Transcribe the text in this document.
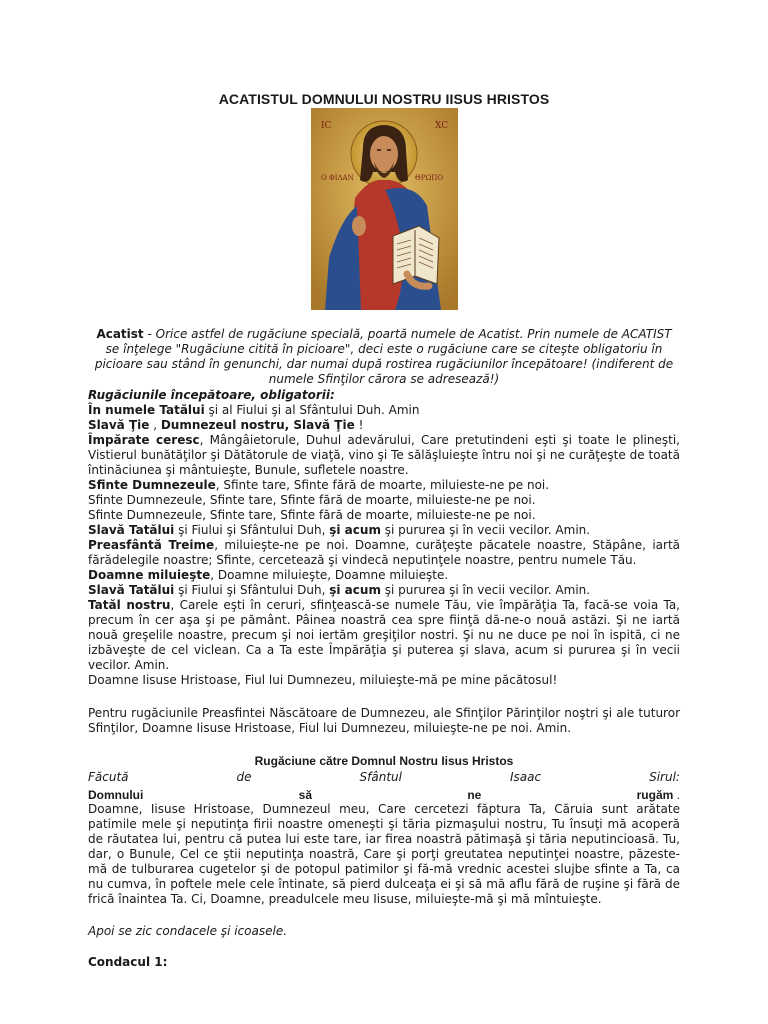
ACATISTUL DOMNULUI NOSTRU IISUS HRISTOS
IC	XC
O ΦΙΛΑΝ	ΘΡΩΠΟ
Acatist - Orice astfel de rugăciune specială, poartă numele de Acatist. Prin numele de ACATIST se înţelege "Rugăciune citită în picioare", deci este o rugăciune care se citeşte obligatoriu în picioare sau stând în genunchi, dar numai după rostirea rugăciunilor începătoare! (indiferent de numele Sfinţilor cărora se adresează!)

Rugăciunile începătoare, obligatorii:

În numele Tatălui şi al Fiului şi al Sfântului Duh. Amin

Slavă Ţie , Dumnezeul nostru, Slavă Ţie !

Împărate ceresc, Mângâietorule, Duhul adevărului, Care pretutindeni eşti şi toate le plineşti, Vistierul bunătăţilor şi Dătătorule de viaţă, vino şi Te sălăşluieşte întru noi şi ne curăţeşte de toată întinăciunea şi mântuieşte, Bunule, sufletele noastre.

Sfinte Dumnezeule, Sfinte tare, Sfinte fără de moarte, miluieste-ne pe noi.

Sfinte Dumnezeule, Sfinte tare, Sfinte fără de moarte, miluieste-ne pe noi.

Sfinte Dumnezeule, Sfinte tare, Sfinte fără de moarte, miluieste-ne pe noi.

Slavă Tatălui şi Fiului şi Sfântului Duh, şi acum şi pururea şi în vecii vecilor. Amin.

Preasfântă Treime, miluieşte-ne pe noi. Doamne, curăţeşte păcatele noastre, Stăpâne, iartă fărădelegile noastre; Sfinte, cercetează şi vindecă neputinţele noastre, pentru numele Tău.

Doamne miluieşte, Doamne miluieşte, Doamne miluieşte.

Slavă Tatălui şi Fiului şi Sfântului Duh, şi acum şi pururea şi în vecii vecilor. Amin.

Tatăl nostru, Carele eşti în ceruri, sfinţească-se numele Tău, vie împărăţia Ta, facă-se voia Ta, precum în cer aşa şi pe pământ. Pâinea noastră cea spre fiinţă dă-ne-o nouă astăzi. Şi ne iartă nouă greşelile noastre, precum şi noi iertăm greşiţilor nostri. Şi nu ne duce pe noi în ispită, ci ne izbăveşte de cel viclean. Ca a Ta este Împărăţia şi puterea şi slava, acum si pururea şi în vecii vecilor. Amin.

Doamne Iisuse Hristoase, Fiul lui Dumnezeu, miluieşte-mă pe mine păcătosul!

Pentru rugăciunile Preasfintei Născătoare de Dumnezeu, ale Sfinţilor Părinţilor noştri şi ale tuturor Sfinţilor, Doamne Iisuse Hristoase, Fiul lui Dumnezeu, miluieşte-ne pe noi. Amin.
Rugăciune către Domnul Nostru Iisus Hristos
Făcută	de	Sfântul	Isaac	Sirul:
Domnului	să	ne	rugăm .
Doamne, Iisuse Hristoase, Dumnezeul meu, Care cercetezi făptura Ta, Căruia sunt arătate patimile mele şi neputinţa firii noastre omeneşti şi tăria pizmaşului nostru, Tu însuţi mă acoperă de răutatea lui, pentru că putea lui este tare, iar firea noastră pătimaşă şi tăria neputincioasă. Tu, dar, o Bunule, Cel ce ştii neputinţa noastră, Care şi porţi greutatea neputinţei noastre, păzeste-mă de tulburarea cugetelor şi de potopul patimilor şi fă-mă vrednic acestei slujbe sfinte a Ta, ca nu cumva, în poftele mele cele întinate, să pierd dulceaţa ei şi să mă aflu fără de ruşine şi fără de frică înaintea Ta. Ci, Doamne, preadulcele meu Iisuse, miluieşte-mă şi mă mîntuieşte.
Apoi se zic condacele şi icoasele.
Condacul 1:
